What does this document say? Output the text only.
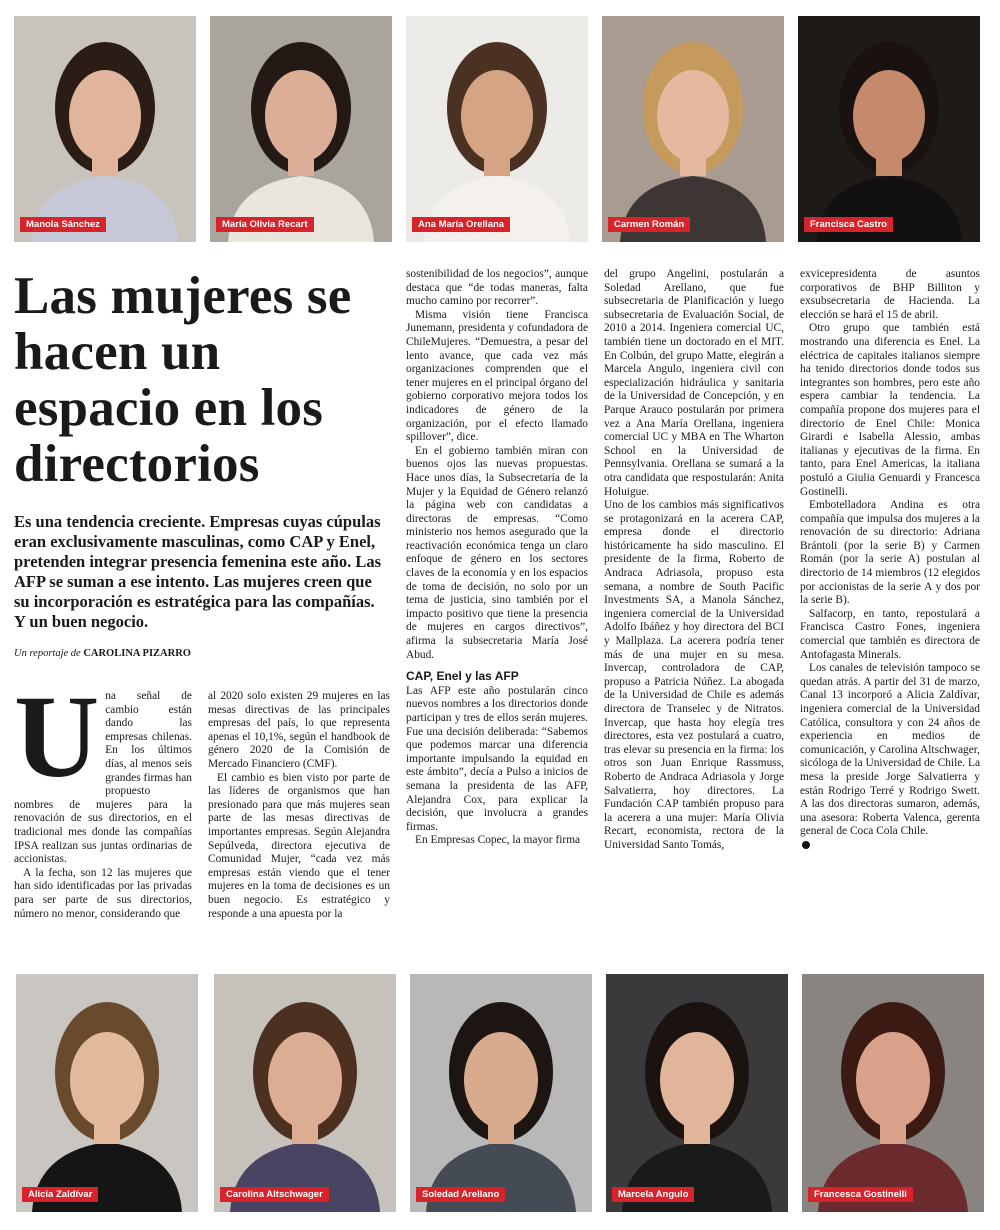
Manola Sánchez	María Olivia Recart	Ana María Orellana	Carmen Román	Francisca Castro
Las mujeres se hacen un espacio en los directorios

Es una tendencia creciente. Empresas cuyas cúpulas eran exclusivamente masculinas, como CAP y Enel, pretenden integrar presencia femenina este año. Las AFP se suman a ese intento. Las mujeres creen que su incorporación es estratégica para las compañías. Y un buen negocio.

Un reportaje de CAROLINA PIZARRO

U na señal de cambio están dando las empresas chilenas. En los últimos días, al menos seis grandes firmas han propuesto nombres de mujeres para la renovación de sus directorios, en el tradicional mes donde las compañías IPSA realizan sus juntas ordinarias de accionistas.

A la fecha, son 12 las mujeres que han sido identificadas por las privadas para ser parte de sus directorios, número no menor, considerando que

al 2020 solo existen 29 mujeres en las mesas directivas de las principales empresas del país, lo que representa apenas el 10,1%, según el handbook de género 2020 de la Comisión de Mercado Financiero (CMF).

El cambio es bien visto por parte de las líderes de organismos que han presionado para que más mujeres sean parte de las mesas directivas de importantes empresas. Según Alejandra Sepúlveda, directora ejecutiva de Comunidad Mujer, “cada vez más empresas están viendo que el tener mujeres en la toma de decisiones es un buen negocio. Es estratégico y responde a una apuesta por la

sostenibilidad de los negocios”, aunque destaca que “de todas maneras, falta mucho camino por recorrer”.

Misma visión tiene Francisca Junemann, presidenta y cofundadora de ChileMujeres. “Demuestra, a pesar del lento avance, que cada vez más organizaciones comprenden que el tener mujeres en el principal órgano del gobierno corporativo mejora todos los indicadores de género de la organización, por el efecto llamado spillover”, dice.

En el gobierno también miran con buenos ojos las nuevas propuestas. Hace unos días, la Subsecretaría de la Mujer y la Equidad de Género relanzó la página web con candidatas a directoras de empresas. “Como ministerio nos hemos asegurado que la reactivación económica tenga un claro enfoque de género en los sectores claves de la economía y en los espacios de toma de decisión, no solo por un tema de justicia, sino también por el impacto positivo que tiene la presencia de mujeres en cargos directivos”, afirma la subsecretaria María José Abud.

CAP, Enel y las AFP

Las AFP este año postularán cinco nuevos nombres a los directorios donde participan y tres de ellos serán mujeres. Fue una decisión deliberada: “Sabemos que podemos marcar una diferencia importante impulsando la equidad en este ámbito”, decía a Pulso a inicios de semana la presidenta de las AFP, Alejandra Cox, para explicar la decisión, que involucra a grandes firmas.

En Empresas Copec, la mayor firma

del grupo Angelini, postularán a Soledad Arellano, que fue subsecretaria de Planificación y luego subsecretaria de Evaluación Social, de 2010 a 2014. Ingeniera comercial UC, también tiene un doctorado en el MIT. En Colbún, del grupo Matte, elegirán a Marcela Angulo, ingeniera civil con especialización hidráulica y sanitaria de la Universidad de Concepción, y en Parque Arauco postularán por primera vez a Ana María Orellana, ingeniera comercial UC y MBA en The Wharton School en la Universidad de Pennsylvania. Orellana se sumará a la otra candidata que respostularán: Anita Holuigue.

Uno de los cambios más significativos se protagonizará en la acerera CAP, empresa donde el directorio históricamente ha sido masculino. El presidente de la firma, Roberto de Andraca Adriasola, propuso esta semana, a nombre de South Pacific Investments SA, a Manola Sánchez, ingeniera comercial de la Universidad Adolfo Ibáñez y hoy directora del BCI y Mallplaza. La acerera podría tener más de una mujer en su mesa. Invercap, controladora de CAP, propuso a Patricia Núñez. La abogada de la Universidad de Chile es además directora de Transelec y de Nitratos. Invercap, que hasta hoy elegía tres directores, esta vez postulará a cuatro, tras elevar su presencia en la firma: los otros son Juan Enrique Rassmuss, Roberto de Andraca Adriasola y Jorge Salvatierra, hoy directores. La Fundación CAP también propuso para la acerera a una mujer: María Olivia Recart, economista, rectora de la Universidad Santo Tomás,

exvicepresidenta de asuntos corporativos de BHP Billiton y exsubsecretaria de Hacienda. La elección se hará el 15 de abril.

Otro grupo que también está mostrando una diferencia es Enel. La eléctrica de capitales italianos siempre ha tenido directorios donde todos sus integrantes son hombres, pero este año espera cambiar la tendencia. La compañía propone dos mujeres para el directorio de Enel Chile: Monica Girardi e Isabella Alessio, ambas italianas y ejecutivas de la firma. En tanto, para Enel Americas, la italiana postuló a Giulia Genuardi y Francesca Gostinelli.

Embotelladora Andina es otra compañía que impulsa dos mujeres a la renovación de su directorio: Adriana Brántoli (por la serie B) y Carmen Román (por la serie A) postulan al directorio de 14 miembros (12 elegidos por accionistas de la serie A y dos por la serie B).

Salfacorp, en tanto, repostulará a Francisca Castro Fones, ingeniera comercial que también es directora de Antofagasta Minerals.

Los canales de televisión tampoco se quedan atrás. A partir del 31 de marzo, Canal 13 incorporó a Alicia Zaldívar, ingeniera comercial de la Universidad Católica, consultora y con 24 años de experiencia en medios de comunicación, y Carolina Altschwager, sicóloga de la Universidad de Chile. La mesa la preside Jorge Salvatierra y están Rodrigo Terré y Rodrigo Swett. A las dos directoras sumaron, además, una asesora: Roberta Valenca, gerenta general de Coca Cola Chile.

Alicia Zaldívar	Carolina Altschwager	Soledad Arellano	Marcela Angulo	Francesca Gostinelli
